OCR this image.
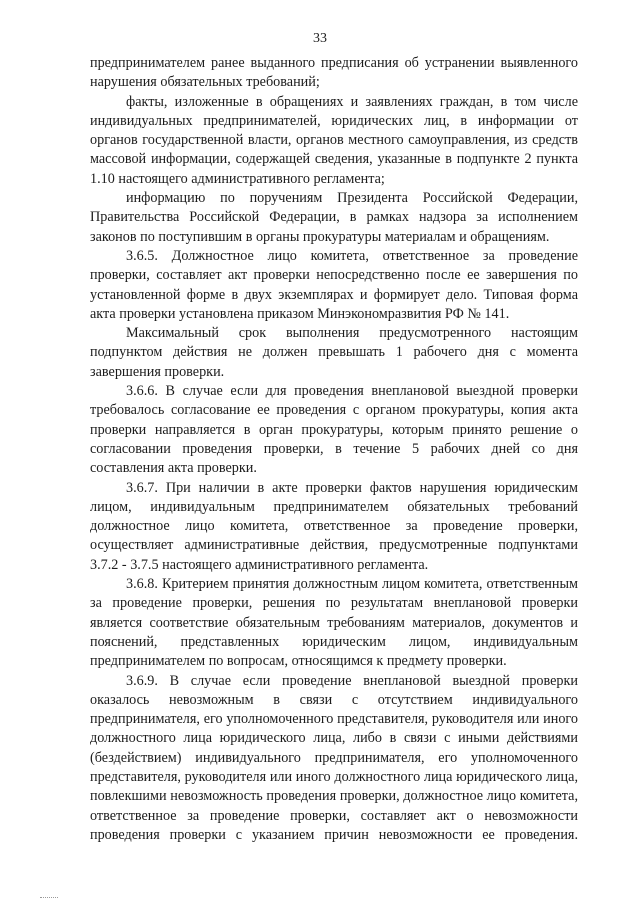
33

предпринимателем ранее выданного предписания об устранении выявленного нарушения обязательных требований;

факты, изложенные в обращениях и заявлениях граждан, в том числе индивидуальных предпринимателей, юридических лиц, в информации от органов государственной власти, органов местного самоуправления, из средств массовой информации, содержащей сведения, указанные в подпункте 2 пункта 1.10 настоящего административного регламента;

информацию по поручениям Президента Российской Федерации, Правительства Российской Федерации, в рамках надзора за исполнением законов по поступившим в органы прокуратуры материалам и обращениям.

3.6.5. Должностное лицо комитета, ответственное за проведение проверки, составляет акт проверки непосредственно после ее завершения по установленной форме в двух экземплярах и формирует дело. Типовая форма акта проверки установлена приказом Минэкономразвития РФ № 141.

Максимальный срок выполнения предусмотренного настоящим подпунктом действия не должен превышать 1 рабочего дня с момента завершения проверки.

3.6.6. В случае если для проведения внеплановой выездной проверки требовалось согласование ее проведения с органом прокуратуры, копия акта проверки направляется в орган прокуратуры, которым принято решение о согласовании проведения проверки, в течение 5 рабочих дней со дня составления акта проверки.

3.6.7. При наличии в акте проверки фактов нарушения юридическим лицом, индивидуальным предпринимателем обязательных требований должностное лицо комитета, ответственное за проведение проверки, осуществляет административные действия, предусмотренные подпунктами 3.7.2 - 3.7.5 настоящего административного регламента.

3.6.8. Критерием принятия должностным лицом комитета, ответственным за проведение проверки, решения по результатам внеплановой проверки является соответствие обязательным требованиям материалов, документов и пояснений, представленных юридическим лицом, индивидуальным предпринимателем по вопросам, относящимся к предмету проверки.

3.6.9. В случае если проведение внеплановой выездной проверки оказалось невозможным в связи с отсутствием индивидуального предпринимателя, его уполномоченного представителя, руководителя или иного должностного лица юридического лица, либо в связи с иными действиями (бездействием) индивидуального предпринимателя, его уполномоченного представителя, руководителя или иного должностного лица юридического лица, повлекшими невозможность проведения проверки, должностное лицо комитета, ответственное за проведение проверки, составляет акт о невозможности проведения проверки с указанием причин невозможности ее проведения.
